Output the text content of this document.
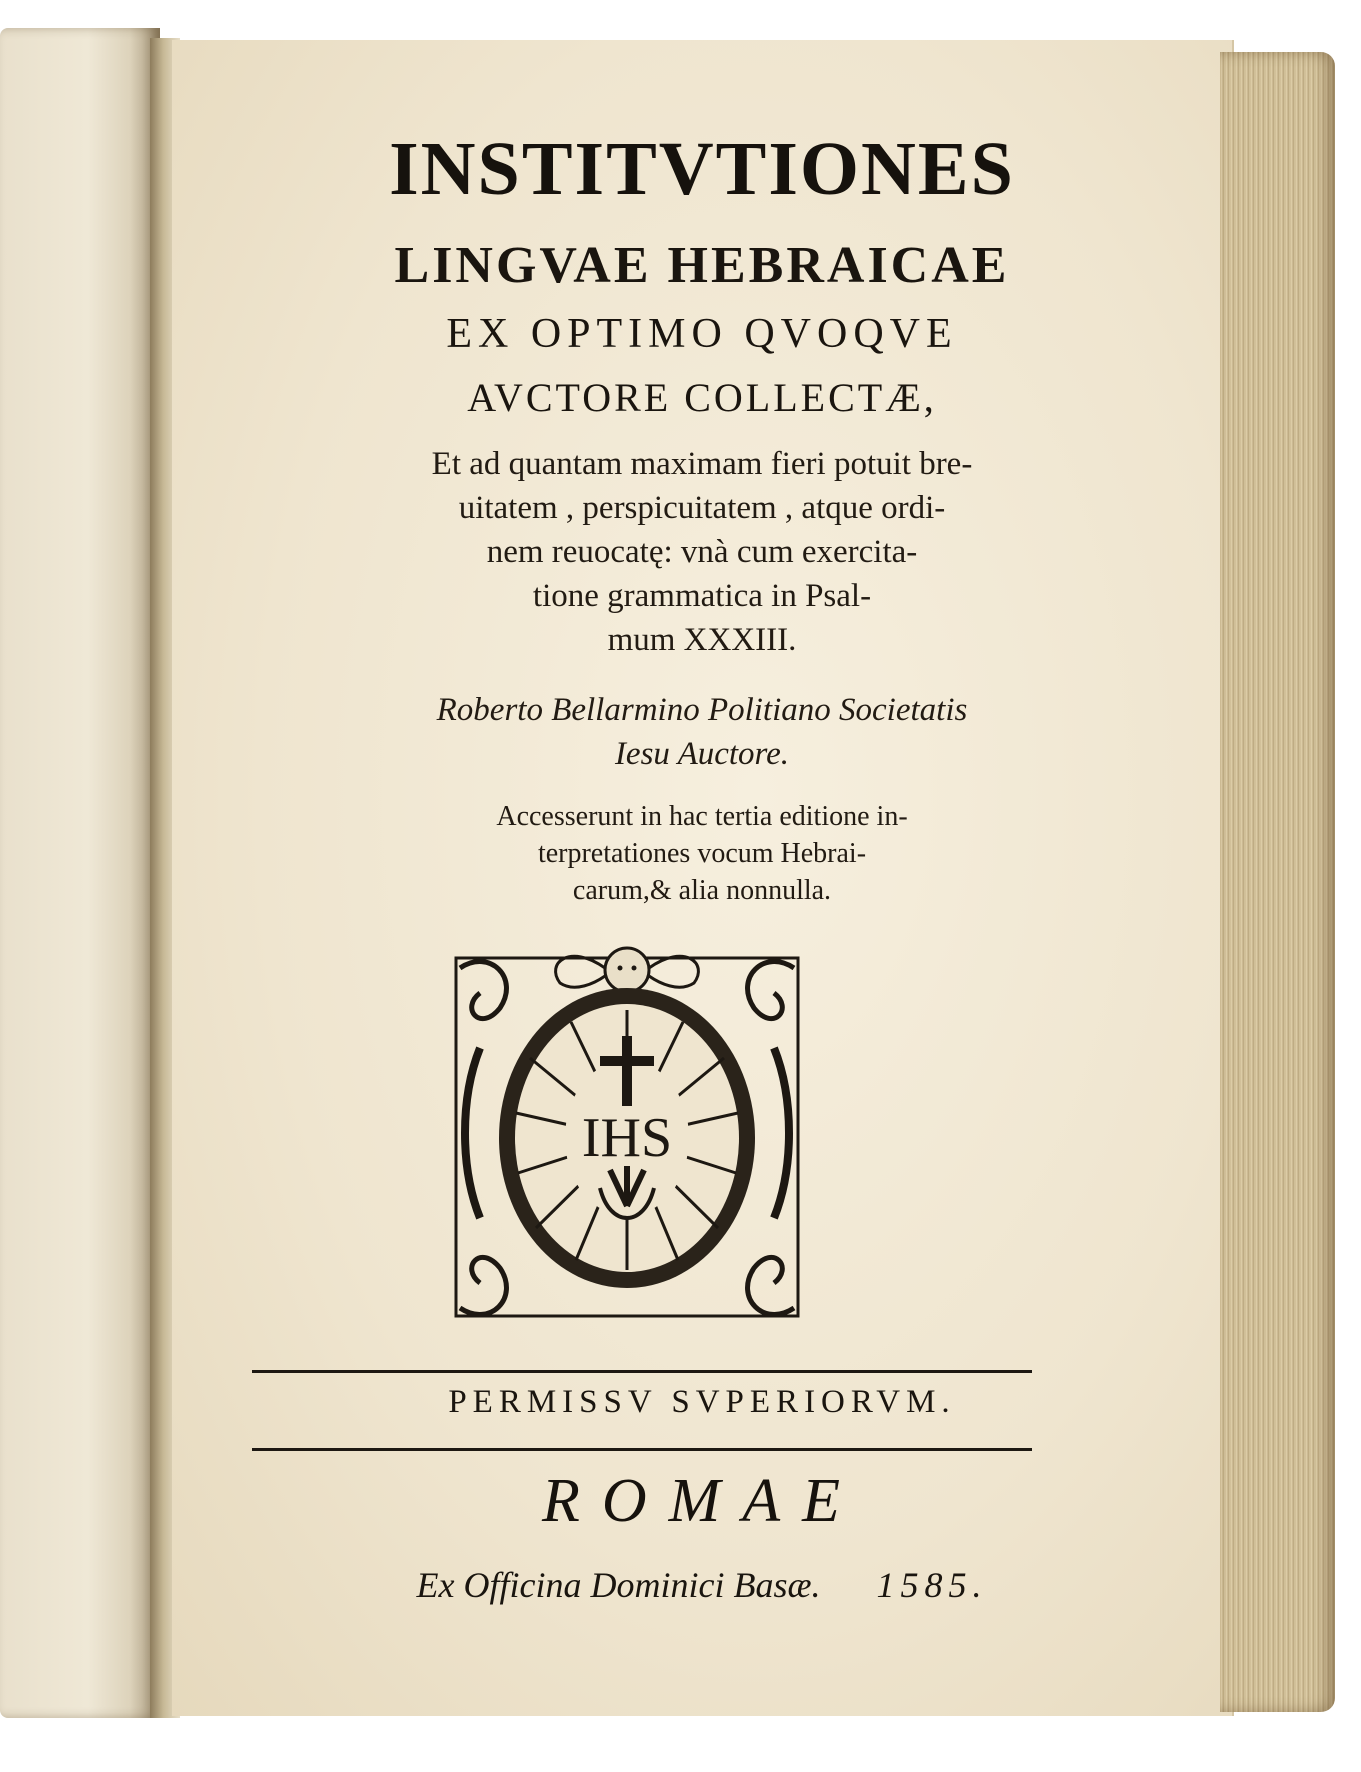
INSTITVTIONES
LINGVAE HEBRAICAE
EX OPTIMO QVOQVE
AVCTORE COLLECTÆ,
Et ad quantam maximam fieri potuit bre-
uitatem , perspicuitatem , atque ordi-
nem reuocatę: vnà cum exercita-
tione grammatica in Psal-
mum XXXIII.
Roberto Bellarmino Politiano Societatis
Iesu Auctore.
Accesserunt in hac tertia editione in-
terpretationes vocum Hebrai-
carum,& alia nonnulla.
IHS
PERMISSV SVPERIORVM.
ROMAE
Ex Officina Dominici Basæ. 1585.
